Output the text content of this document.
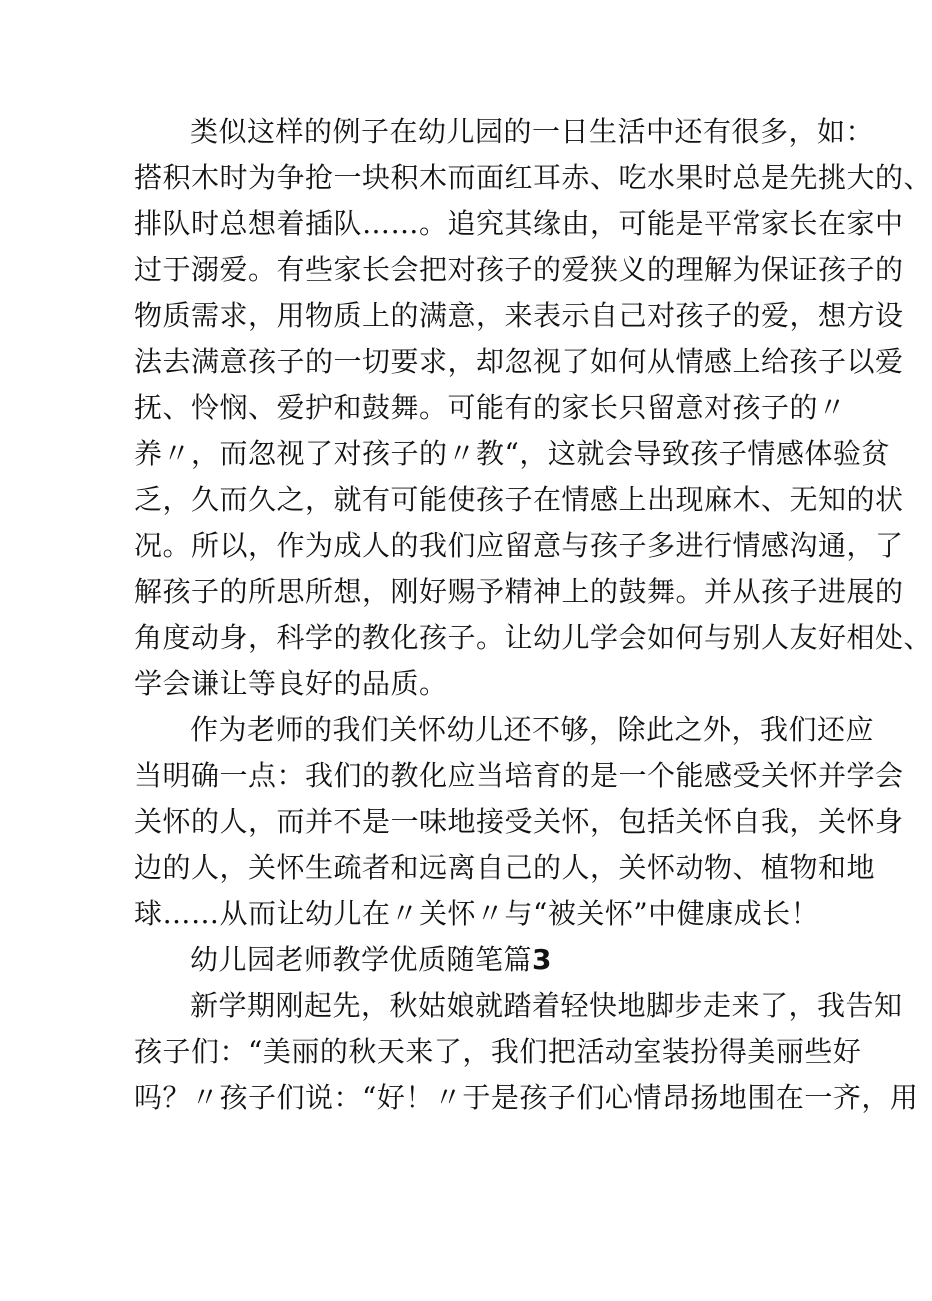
类似这样的例子在幼儿园的一日生活中还有很多，如：
搭积木时为争抢一块积木而面红耳赤、吃水果时总是先挑大的、
排队时总想着插队……。追究其缘由，可能是平常家长在家中
过于溺爱。有些家长会把对孩子的爱狭义的理解为保证孩子的
物质需求，用物质上的满意，来表示自己对孩子的爱，想方设
法去满意孩子的一切要求，却忽视了如何从情感上给孩子以爱
抚、怜悯、爱护和鼓舞。可能有的家长只留意对孩子的〃
养〃，而忽视了对孩子的〃教“，这就会导致孩子情感体验贫
乏，久而久之，就有可能使孩子在情感上出现麻木、无知的状
况。所以，作为成人的我们应留意与孩子多进行情感沟通，了
解孩子的所思所想，刚好赐予精神上的鼓舞。并从孩子进展的
角度动身，科学的教化孩子。让幼儿学会如何与别人友好相处、
学会谦让等良好的品质。
作为老师的我们关怀幼儿还不够，除此之外，我们还应
当明确一点：我们的教化应当培育的是一个能感受关怀并学会
关怀的人，而并不是一味地接受关怀，包括关怀自我，关怀身
边的人，关怀生疏者和远离自己的人，关怀动物、植物和地
球……从而让幼儿在〃关怀〃与“被关怀”中健康成长！
幼儿园老师教学优质随笔篇3
新学期刚起先，秋姑娘就踏着轻快地脚步走来了，我告知
孩子们：“美丽的秋天来了，我们把活动室装扮得美丽些好
吗？〃孩子们说：“好！〃于是孩子们心情昂扬地围在一齐，用
